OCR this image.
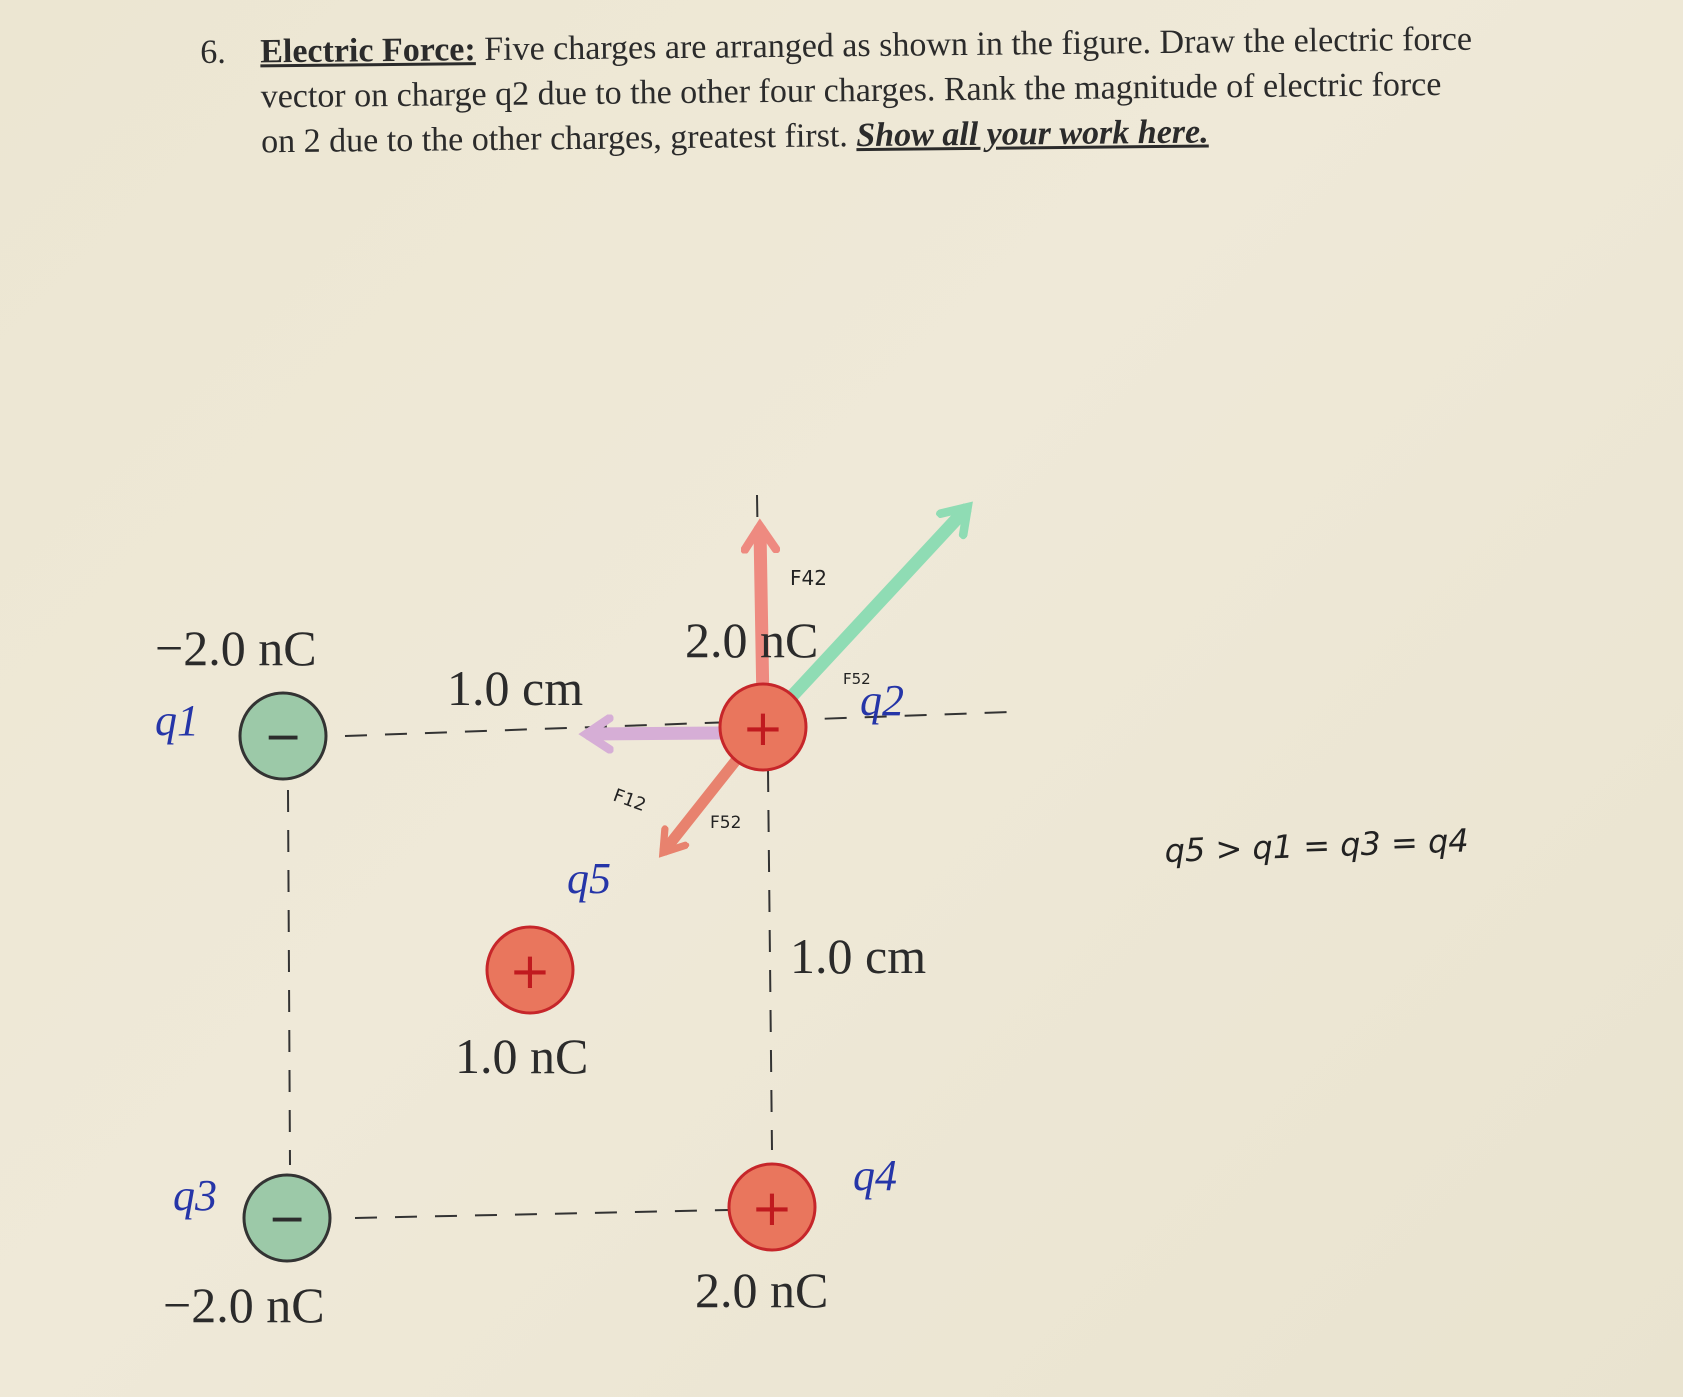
6. Electric Force: Five charges are arranged as shown in the figure. Draw the electric force vector on charge q2 due to the other four charges. Rank the magnitude of electric force on 2 due to the other charges, greatest first. Show all your work here.
−	+
−	+
+
−2.0 nC	2.0 nC
−2.0 nC	2.0 nC
1.0 nC
1.0 cm
1.0 cm
q1	q2
q3	q4
q5
F42
F52
F12
F52	q5 > q1 = q3 = q4
